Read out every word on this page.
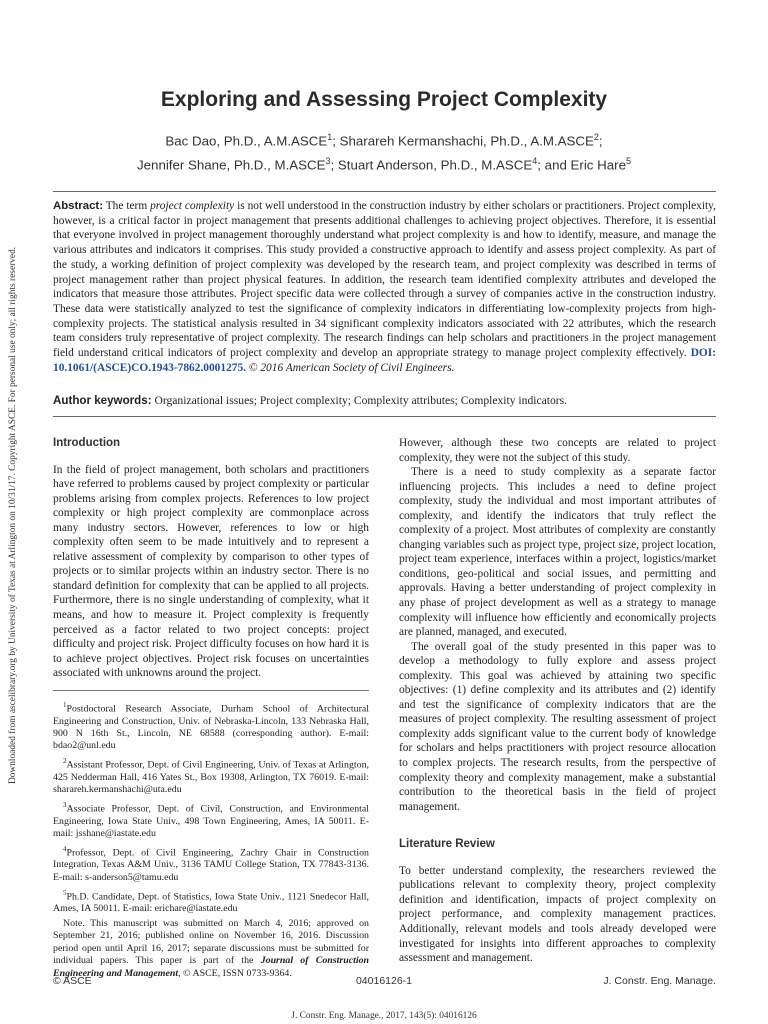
Downloaded from ascelibrary.org by University of Texas at Arlington on 10/31/17. Copyright ASCE. For personal use only; all rights reserved.
Exploring and Assessing Project Complexity
Bac Dao, Ph.D., A.M.ASCE$^1$; Sharareh Kermanshachi, Ph.D., A.M.ASCE$^2$;
Jennifer Shane, Ph.D., M.ASCE$^3$; Stuart Anderson, Ph.D., M.ASCE$^4$; and Eric Hare$^5$
Abstract: The term project complexity is not well understood in the construction industry by either scholars or practitioners. Project complexity, however, is a critical factor in project management that presents additional challenges to achieving project objectives. Therefore, it is essential that everyone involved in project management thoroughly understand what project complexity is and how to identify, measure, and manage the various attributes and indicators it comprises. This study provided a constructive approach to identify and assess project complexity. As part of the study, a working definition of project complexity was developed by the research team, and project complexity was described in terms of project management rather than project physical features. In addition, the research team identified complexity attributes and developed the indicators that measure those attributes. Project specific data were collected through a survey of companies active in the construction industry. These data were statistically analyzed to test the significance of complexity indicators in differentiating low-complexity projects from high-complexity projects. The statistical analysis resulted in 34 significant complexity indicators associated with 22 attributes, which the research team considers truly representative of project complexity. The research findings can help scholars and practitioners in the project management field understand critical indicators of project complexity and develop an appropriate strategy to manage project complexity effectively. DOI: 10.1061/(ASCE)CO.1943-7862.0001275. © 2016 American Society of Civil Engineers.
Author keywords: Organizational issues; Project complexity; Complexity attributes; Complexity indicators.
Introduction

In the field of project management, both scholars and practitioners have referred to problems caused by project complexity or particular problems arising from complex projects. References to low project complexity or high project complexity are commonplace across many industry sectors. However, references to low or high complexity often seem to be made intuitively and to represent a relative assessment of complexity by comparison to other types of projects or to similar projects within an industry sector. There is no standard definition for complexity that can be applied to all projects. Furthermore, there is no single understanding of complexity, what it means, and how to measure it. Project complexity is frequently perceived as a factor related to two project concepts: project difficulty and project risk. Project difficulty focuses on how hard it is to achieve project objectives. Project risk focuses on uncertainties associated with unknowns around the project.

$^1$Postdoctoral Research Associate, Durham School of Architectural Engineering and Construction, Univ. of Nebraska-Lincoln, 133 Nebraska Hall, 900 N 16th St., Lincoln, NE 68588 (corresponding author). E-mail: bdao2@unl.edu

$^2$Assistant Professor, Dept. of Civil Engineering, Univ. of Texas at Arlington, 425 Nedderman Hall, 416 Yates St., Box 19308, Arlington, TX 76019. E-mail: sharareh.kermanshachi@uta.edu

$^3$Associate Professor, Dept. of Civil, Construction, and Environmental Engineering, Iowa State Univ., 498 Town Engineering, Ames, IA 50011. E-mail: jsshane@iastate.edu

$^4$Professor, Dept. of Civil Engineering, Zachry Chair in Construction Integration, Texas A&M Univ., 3136 TAMU College Station, TX 77843-3136. E-mail: s-anderson5@tamu.edu

$^5$Ph.D. Candidate, Dept. of Statistics, Iowa State Univ., 1121 Snedecor Hall, Ames, IA 50011. E-mail: erichare@iastate.edu

Note. This manuscript was submitted on March 4, 2016; approved on September 21, 2016; published online on November 16, 2016. Discussion period open until April 16, 2017; separate discussions must be submitted for individual papers. This paper is part of the Journal of Construction Engineering and Management, © ASCE, ISSN 0733-9364.

However, although these two concepts are related to project complexity, they were not the subject of this study.

There is a need to study complexity as a separate factor influencing projects. This includes a need to define project complexity, study the individual and most important attributes of complexity, and identify the indicators that truly reflect the complexity of a project. Most attributes of complexity are constantly changing variables such as project type, project size, project location, project team experience, interfaces within a project, logistics/market conditions, geo-political and social issues, and permitting and approvals. Having a better understanding of project complexity in any phase of project development as well as a strategy to manage complexity will influence how efficiently and economically projects are planned, managed, and executed.

The overall goal of the study presented in this paper was to develop a methodology to fully explore and assess project complexity. This goal was achieved by attaining two specific objectives: (1) define complexity and its attributes and (2) identify and test the significance of complexity indicators that are the measures of project complexity. The resulting assessment of project complexity adds significant value to the current body of knowledge for scholars and helps practitioners with project resource allocation to complex projects. The research results, from the perspective of complexity theory and complexity management, make a substantial contribution to the theoretical basis in the field of project management.

Literature Review

To better understand complexity, the researchers reviewed the publications relevant to complexity theory, project complexity definition and identification, impacts of project complexity on project performance, and complexity management practices. Additionally, relevant models and tools already developed were investigated for insights into different approaches to complexity assessment and management.

© ASCE	04016126-1	J. Constr. Eng. Manage.
J. Constr. Eng. Manage., 2017, 143(5): 04016126
